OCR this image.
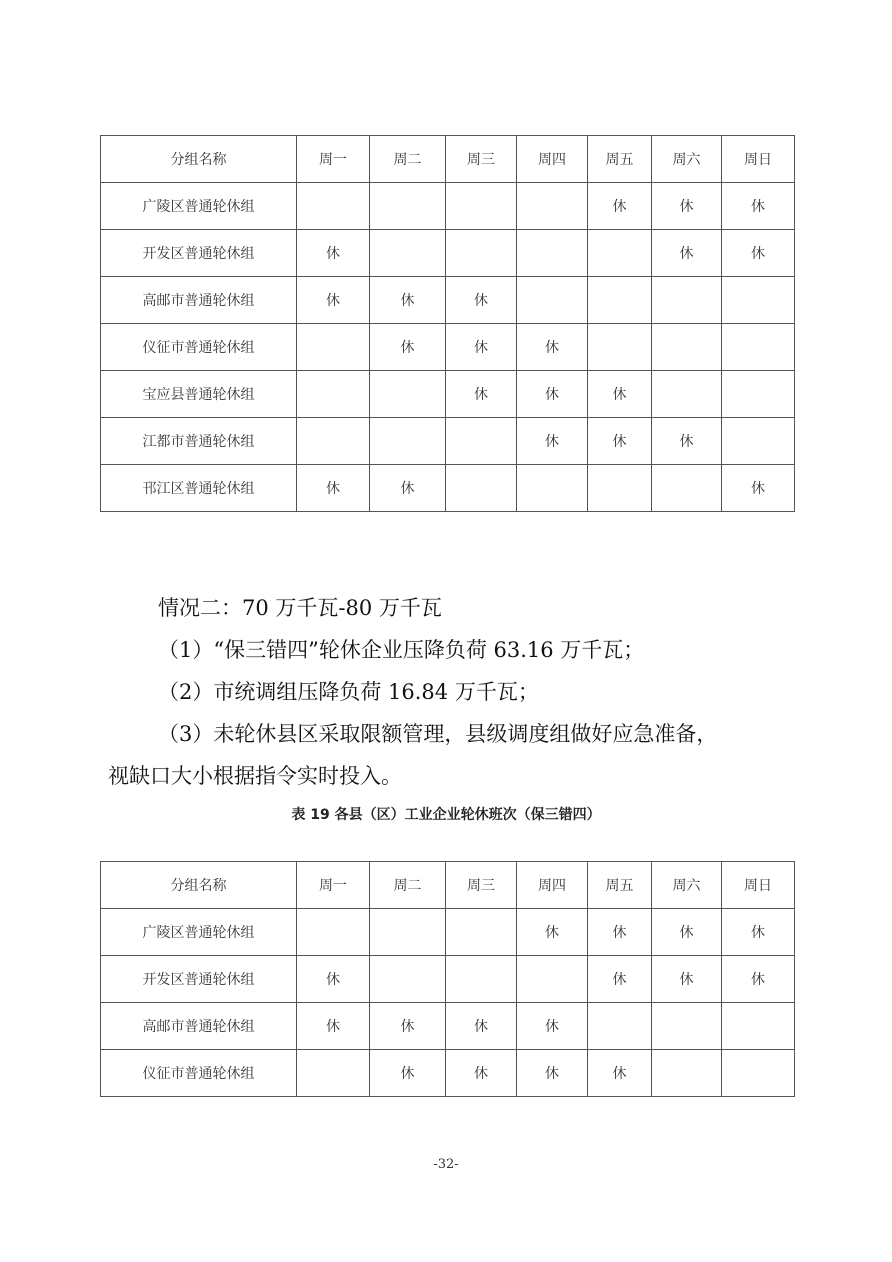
分组名称	周一	周二	周三	周四	周五	周六	周日
广陵区普通轮休组					休	休	休
开发区普通轮休组	休					休	休
高邮市普通轮休组	休	休	休				
仪征市普通轮休组		休	休	休			
宝应县普通轮休组			休	休	休		
江都市普通轮休组				休	休	休	
邗江区普通轮休组	休	休					休
情况二：70 万千瓦-80 万千瓦
（1）“保三错四”轮休企业压降负荷 63.16 万千瓦；
（2）市统调组压降负荷 16.84 万千瓦；
（3）未轮休县区采取限额管理，县级调度组做好应急准备，
视缺口大小根据指令实时投入。
表 19 各县（区）工业企业轮休班次（保三错四）
分组名称	周一	周二	周三	周四	周五	周六	周日
广陵区普通轮休组				休	休	休	休
开发区普通轮休组	休				休	休	休
高邮市普通轮休组	休	休	休	休			
仪征市普通轮休组		休	休	休	休		
-32-
